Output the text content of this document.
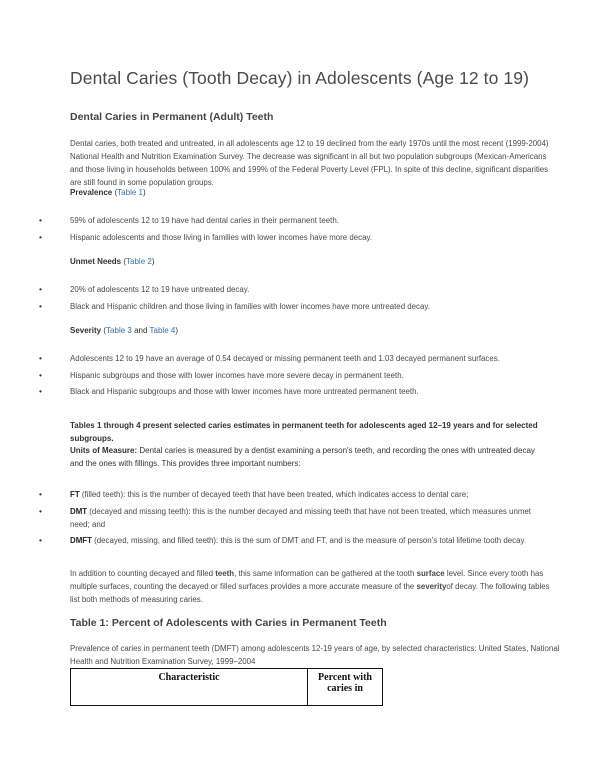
Dental Caries (Tooth Decay) in Adolescents (Age 12 to 19)
Dental Caries in Permanent (Adult) Teeth

Dental caries, both treated and untreated, in all adolescents age 12 to 19 declined from the early 1970s until the most recent (1999-2004) National Health and Nutrition Examination Survey. The decrease was significant in all but two population subgroups (Mexican-Americans and those living in households between 100% and 199% of the Federal Poverty Level (FPL). In spite of this decline, significant disparities are still found in some population groups.

Prevalence (Table 1)

• 59% of adolescents 12 to 19 have had dental caries in their permanent teeth.
• Hispanic adolescents and those living in families with lower incomes have more decay.

Unmet Needs (Table 2)

• 20% of adolescents 12 to 19 have untreated decay.
• Black and Hispanic children and those living in families with lower incomes have more untreated decay.

Severity (Table 3 and Table 4)

• Adolescents 12 to 19 have an average of 0.54 decayed or missing permanent teeth and 1.03 decayed permanent surfaces.
• Hispanic subgroups and those with lower incomes have more severe decay in permanent teeth.
• Black and Hispanic subgroups and those with lower incomes have more untreated permanent teeth.

Tables 1 through 4 present selected caries estimates in permanent teeth for adolescents aged 12–19 years and for selected subgroups.
Units of Measure: Dental caries is measured by a dentist examining a person's teeth, and recording the ones with untreated decay and the ones with fillings. This provides three important numbers:

• FT (filled teeth): this is the number of decayed teeth that have been treated, which indicates access to dental care;
• DMT (decayed and missing teeth): this is the number decayed and missing teeth that have not been treated, which measures unmet need; and
• DMFT (decayed, missing, and filled teeth): this is the sum of DMT and FT, and is the measure of person's total lifetime tooth decay.

In addition to counting decayed and filled teeth, this same information can be gathered at the tooth surface level. Since every tooth has multiple surfaces, counting the decayed or filled surfaces provides a more accurate measure of the severityof decay. The following tables list both methods of measuring caries.

Table 1: Percent of Adolescents with Caries in Permanent Teeth

Prevalence of caries in permanent teeth (DMFT) among adolescents 12-19 years of age, by selected characteristics: United States, National Health and Nutrition Examination Survey, 1999–2004

Characteristic	Percent with
caries in
